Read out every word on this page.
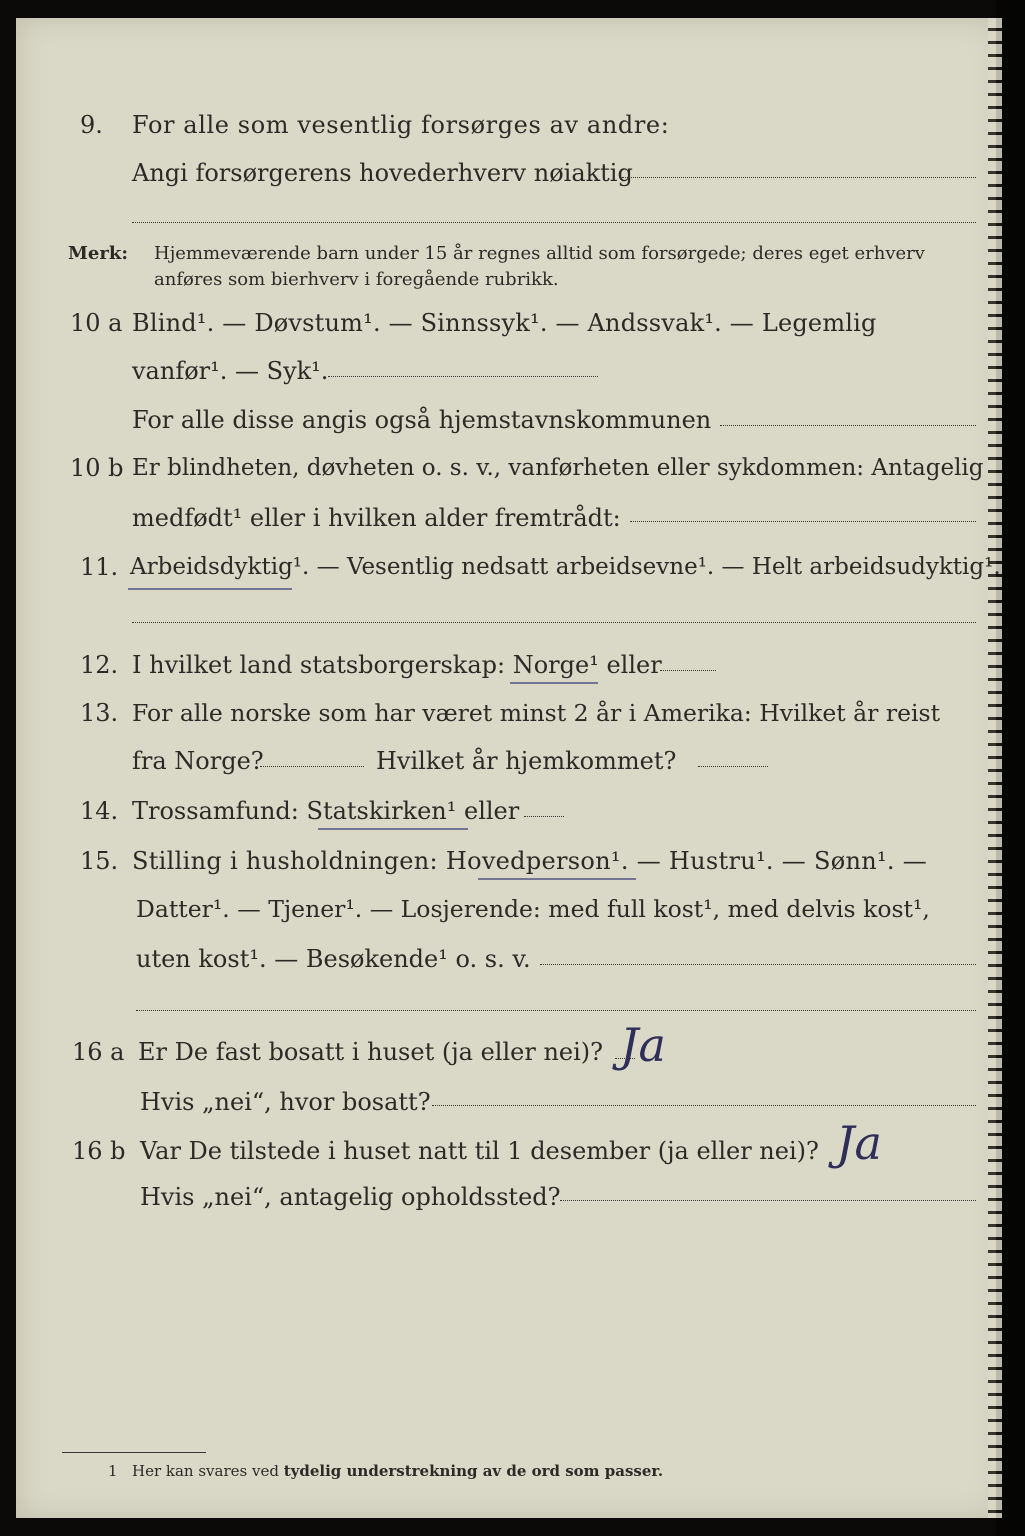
9. For alle som vesentlig forsørges av andre:
Angi forsørgerens hovederhverv nøiaktig
Merk: Hjemmeværende barn under 15 år regnes alltid som forsørgede; deres eget erhverv
anføres som bierhverv i foregående rubrikk.
10 a Blind¹. — Døvstum¹. — Sinnssyk¹. — Andssvak¹. — Legemlig
vanfør¹. — Syk¹.
For alle disse angis også hjemstavnskommunen
10 b Er blindheten, døvheten o. s. v., vanførheten eller sykdommen: Antagelig
medfødt¹ eller i hvilken alder fremtrådt:
11. Arbeidsdyktig¹. — Vesentlig nedsatt arbeidsevne¹. — Helt arbeidsudyktig¹.
12. I hvilket land statsborgerskap: Norge¹ eller
13. For alle norske som har været minst 2 år i Amerika: Hvilket år reist
fra Norge?	Hvilket år hjemkommet?
14. Trossamfund: Statskirken¹ eller
15. Stilling i husholdningen: Hovedperson¹. — Hustru¹. — Sønn¹. —
Datter¹. — Tjener¹. — Losjerende: med full kost¹, med delvis kost¹,
uten kost¹. — Besøkende¹ o. s. v.
16 a Er De fast bosatt i huset (ja eller nei)? Ja
Hvis „nei“, hvor bosatt?
16 b Var De tilstede i huset natt til 1 desember (ja eller nei)? Ja
Hvis „nei“, antagelig opholdssted?
1 Her kan svares ved tydelig understrekning av de ord som passer.
